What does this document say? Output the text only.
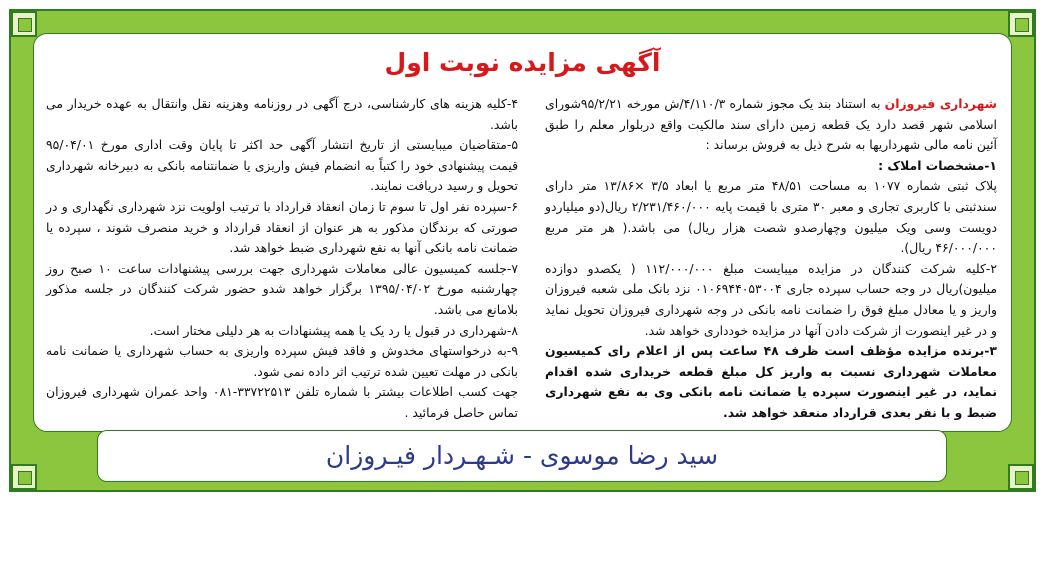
آگهی مزایده نوبت اول

شهرداری فیروزان به استناد بند یک مجوز شماره ۴/۱۱۰/۳/ش مورخه ۹۵/۲/۲۱شورای اسلامی شهر قصد دارد یک قطعه زمین دارای سند مالکیت واقع دربلوار معلم را طبق آئین نامه مالی شهرداریها به شرح ذیل به فروش برساند :

۱-مشخصات املاک :

پلاک ثبتی شماره ۱۰۷۷ به مساحت ۴۸/۵۱ متر مربع یا ابعاد ۳/۵ ×۱۳/۸۶ متر دارای سندثبتی با کاربری تجاری و معبر ۳۰ متری با قیمت پایه ۲/۲۳۱/۴۶۰/۰۰۰ ریال(دو میلیاردو دویست وسی ویک میلیون وچهارصدو شصت هزار ریال) می باشد.( هر متر مربع ۴۶/۰۰۰/۰۰۰ ریال).

۲-کلیه شرکت کنندگان در مزایده میبایست مبلغ ۱۱۲/۰۰۰/۰۰۰ ( یکصدو دوازده میلیون)ریال در وجه حساب سپرده جاری ۰۱۰۶۹۴۴۰۵۳۰۰۴ نزد بانک ملی شعبه فیروزان واریز و یا معادل مبلغ فوق را ضمانت نامه بانکی در وجه شهرداری فیروزان تحویل نماید و در غیر اینصورت از شرکت دادن آنها در مزایده خودداری خواهد شد.

۳-برنده مزایده مؤظف است ظرف ۴۸ ساعت پس از اعلام رای کمیسیون معاملات شهرداری نسبت به واریز کل مبلغ قطعه خریداری شده اقدام نماید، در غیر اینصورت سپرده یا ضمانت نامه بانکی وی به نفع شهرداری ضبط و با نفر بعدی قرارداد منعقد خواهد شد.

۴-کلیه هزینه های کارشناسی، درج آگهی در روزنامه وهزینه نقل وانتقال به عهده خریدار می باشد.

۵-متقاضیان میبایستی از تاریخ انتشار آگهی حد اکثر تا پایان وقت اداری مورخ ۹۵/۰۴/۰۱ قیمت پیشنهادی خود را کتباً به انضمام فیش واریزی یا ضمانتنامه بانکی به دبیرخانه شهرداری تحویل و رسید دریافت نمایند.

۶-سپرده نفر اول تا سوم تا زمان انعقاد قرارداد با ترتیب اولویت نزد شهرداری نگهداری و در صورتی که برندگان مذکور به هر عنوان از انعقاد قرارداد و خرید منصرف شوند ، سپرده یا ضمانت نامه بانکی آنها به نفع شهرداری ضبط خواهد شد.

۷-جلسه کمیسیون عالی معاملات شهرداری جهت بررسی پیشنهادات ساعت ۱۰ صبح روز چهارشنبه مورخ ۱۳۹۵/۰۴/۰۲ برگزار خواهد شدو حضور شرکت کنندگان در جلسه مذکور بلامانع می باشد.

۸-شهرداری در قبول یا رد یک یا همه پیشنهادات به هر دلیلی مختار است.

۹-به درخواستهای مخدوش و فاقد فیش سپرده واریزی به حساب شهرداری یا ضمانت نامه بانکی در مهلت تعیین شده ترتیب اثر داده نمی شود.

جهت کسب اطلاعات بیشتر با شماره تلفن ۳۳۷۲۲۵۱۳-۰۸۱ واحد عمران شهرداری فیروزان تماس حاصل فرمائید .

سید رضا موسوی - شـهـردار فیـروزان
